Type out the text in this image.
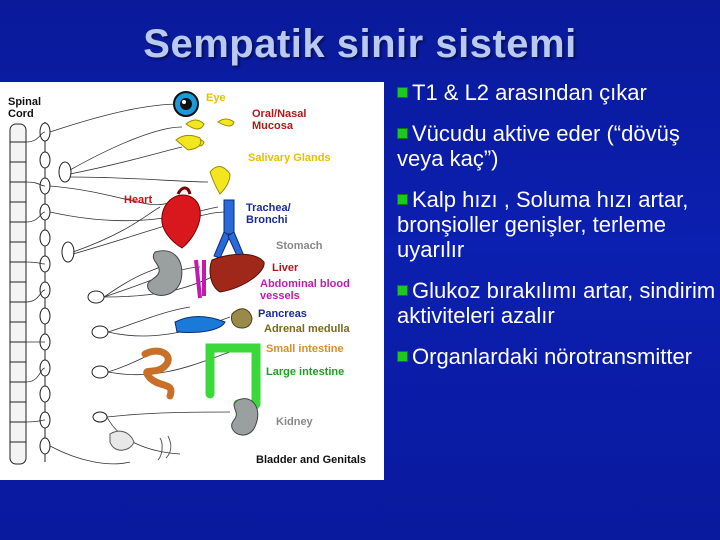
Sempatik sinir sistemi
Spinal
Cord
Eye
Oral/Nasal
Mucosa
Salivary Glands
Heart
Trachea/
Bronchi
Stomach
Liver
Abdominal blood
vessels
Pancreas
Adrenal medulla
Small intestine
Large intestine
Kidney
Bladder and Genitals
T1 & L2 arasından çıkar
Vücudu aktive eder (“dövüş veya kaç”)
Kalp hızı , Soluma hızı artar, bronşioller genişler, terleme uyarılır
Glukoz bırakılımı artar, sindirim aktiviteleri azalır
Organlardaki nörotransmitter
